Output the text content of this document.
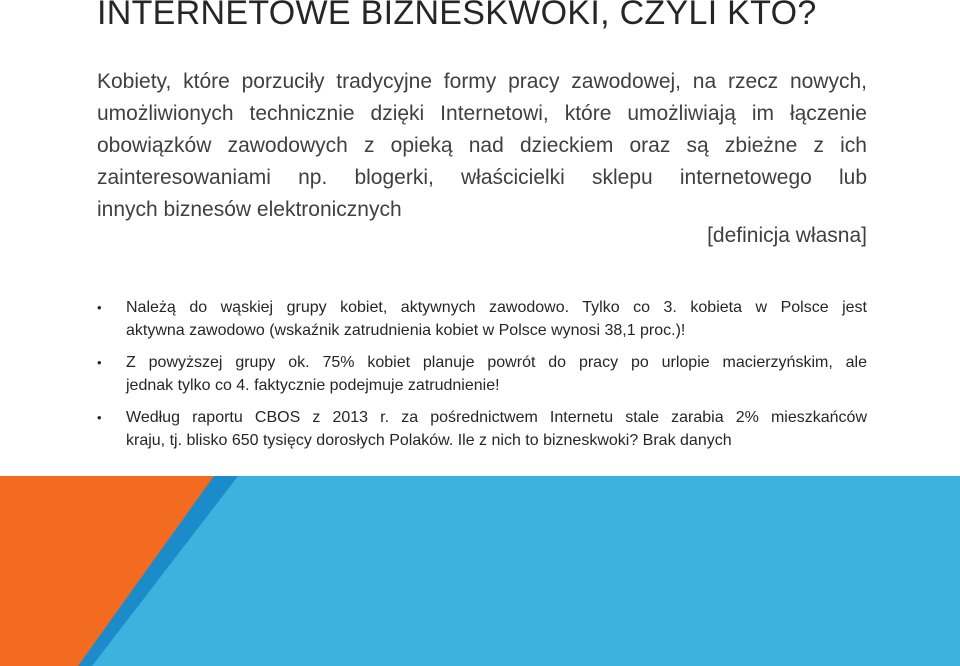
INTERNETOWE BIZNESKWOKI, CZYLI KTO?

Kobiety, które porzuciły tradycyjne formy pracy zawodowej, na rzecz nowych,
umożliwionych technicznie dzięki Internetowi, które umożliwiają im łączenie
obowiązków zawodowych z opieką nad dzieckiem oraz są zbieżne z ich
zainteresowaniami np. blogerki, właścicielki sklepu internetowego lub
innych biznesów elektronicznych

[definicja własna]

• Należą do wąskiej grupy kobiet, aktywnych zawodowo. Tylko co 3. kobieta w Polsce jest
aktywna zawodowo (wskaźnik zatrudnienia kobiet w Polsce wynosi 38,1 proc.)!
• Z powyższej grupy ok. 75% kobiet planuje powrót do pracy po urlopie macierzyńskim, ale
jednak tylko co 4. faktycznie podejmuje zatrudnienie!
• Według raportu CBOS z 2013 r. za pośrednictwem Internetu stale zarabia 2% mieszkańców
kraju, tj. blisko 650 tysięcy dorosłych Polaków. Ile z nich to bizneskwoki? Brak danych
